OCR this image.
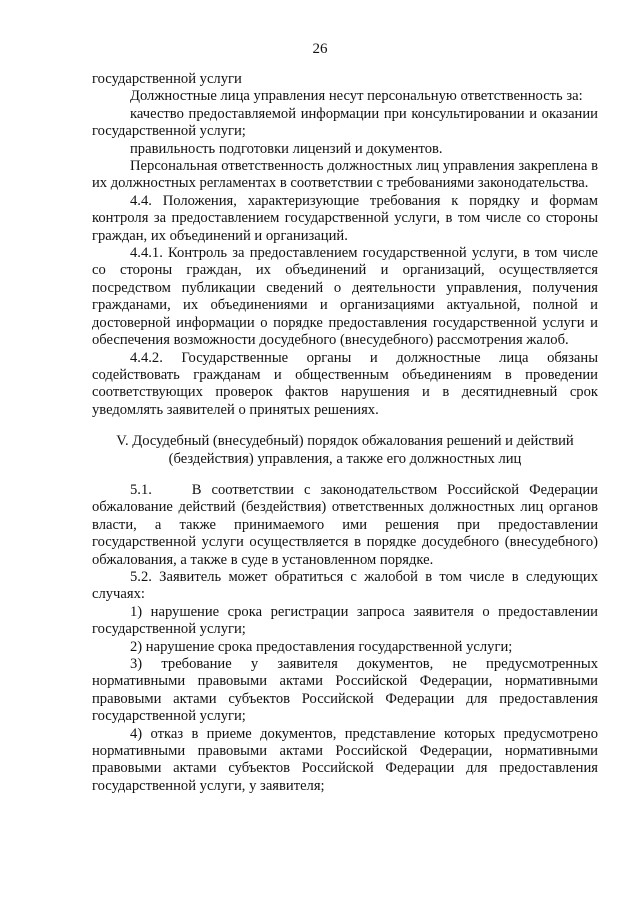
26

государственной услуги

Должностные лица управления несут персональную ответственность за:

качество предоставляемой информации при консультировании и оказании государственной услуги;

правильность подготовки лицензий и документов.

Персональная ответственность должностных лиц управления закреплена в их должностных регламентах в соответствии с требованиями законодательства.

4.4. Положения, характеризующие требования к порядку и формам контроля за предоставлением государственной услуги, в том числе со стороны граждан, их объединений и организаций.

4.4.1. Контроль за предоставлением государственной услуги, в том числе со стороны граждан, их объединений и организаций, осуществляется посредством публикации сведений о деятельности управления, получения гражданами, их объединениями и организациями актуальной, полной и достоверной информации о порядке предоставления государственной услуги и обеспечения возможности досудебного (внесудебного) рассмотрения жалоб.

4.4.2. Государственные органы и должностные лица обязаны содействовать гражданам и общественным объединениям в проведении соответствующих проверок фактов нарушения и в десятидневный срок уведомлять заявителей о принятых решениях.

V. Досудебный (внесудебный) порядок обжалования решений и действий
(бездействия) управления, а также его должностных лиц

5.1.    В соответствии с законодательством Российской Федерации обжалование действий (бездействия) ответственных должностных лиц органов власти, а также принимаемого ими решения при предоставлении государственной услуги осуществляется в порядке досудебного (внесудебного) обжалования, а также в суде в установленном порядке.

5.2. Заявитель может обратиться с жалобой в том числе в следующих случаях:

1) нарушение срока регистрации запроса заявителя о предоставлении государственной услуги;

2) нарушение срока предоставления государственной услуги;

3) требование у заявителя документов, не предусмотренных нормативными правовыми актами Российской Федерации, нормативными правовыми актами субъектов Российской Федерации для предоставления государственной услуги;

4) отказ в приеме документов, представление которых предусмотрено нормативными правовыми актами Российской Федерации, нормативными правовыми актами субъектов Российской Федерации для предоставления государственной услуги, у заявителя;
